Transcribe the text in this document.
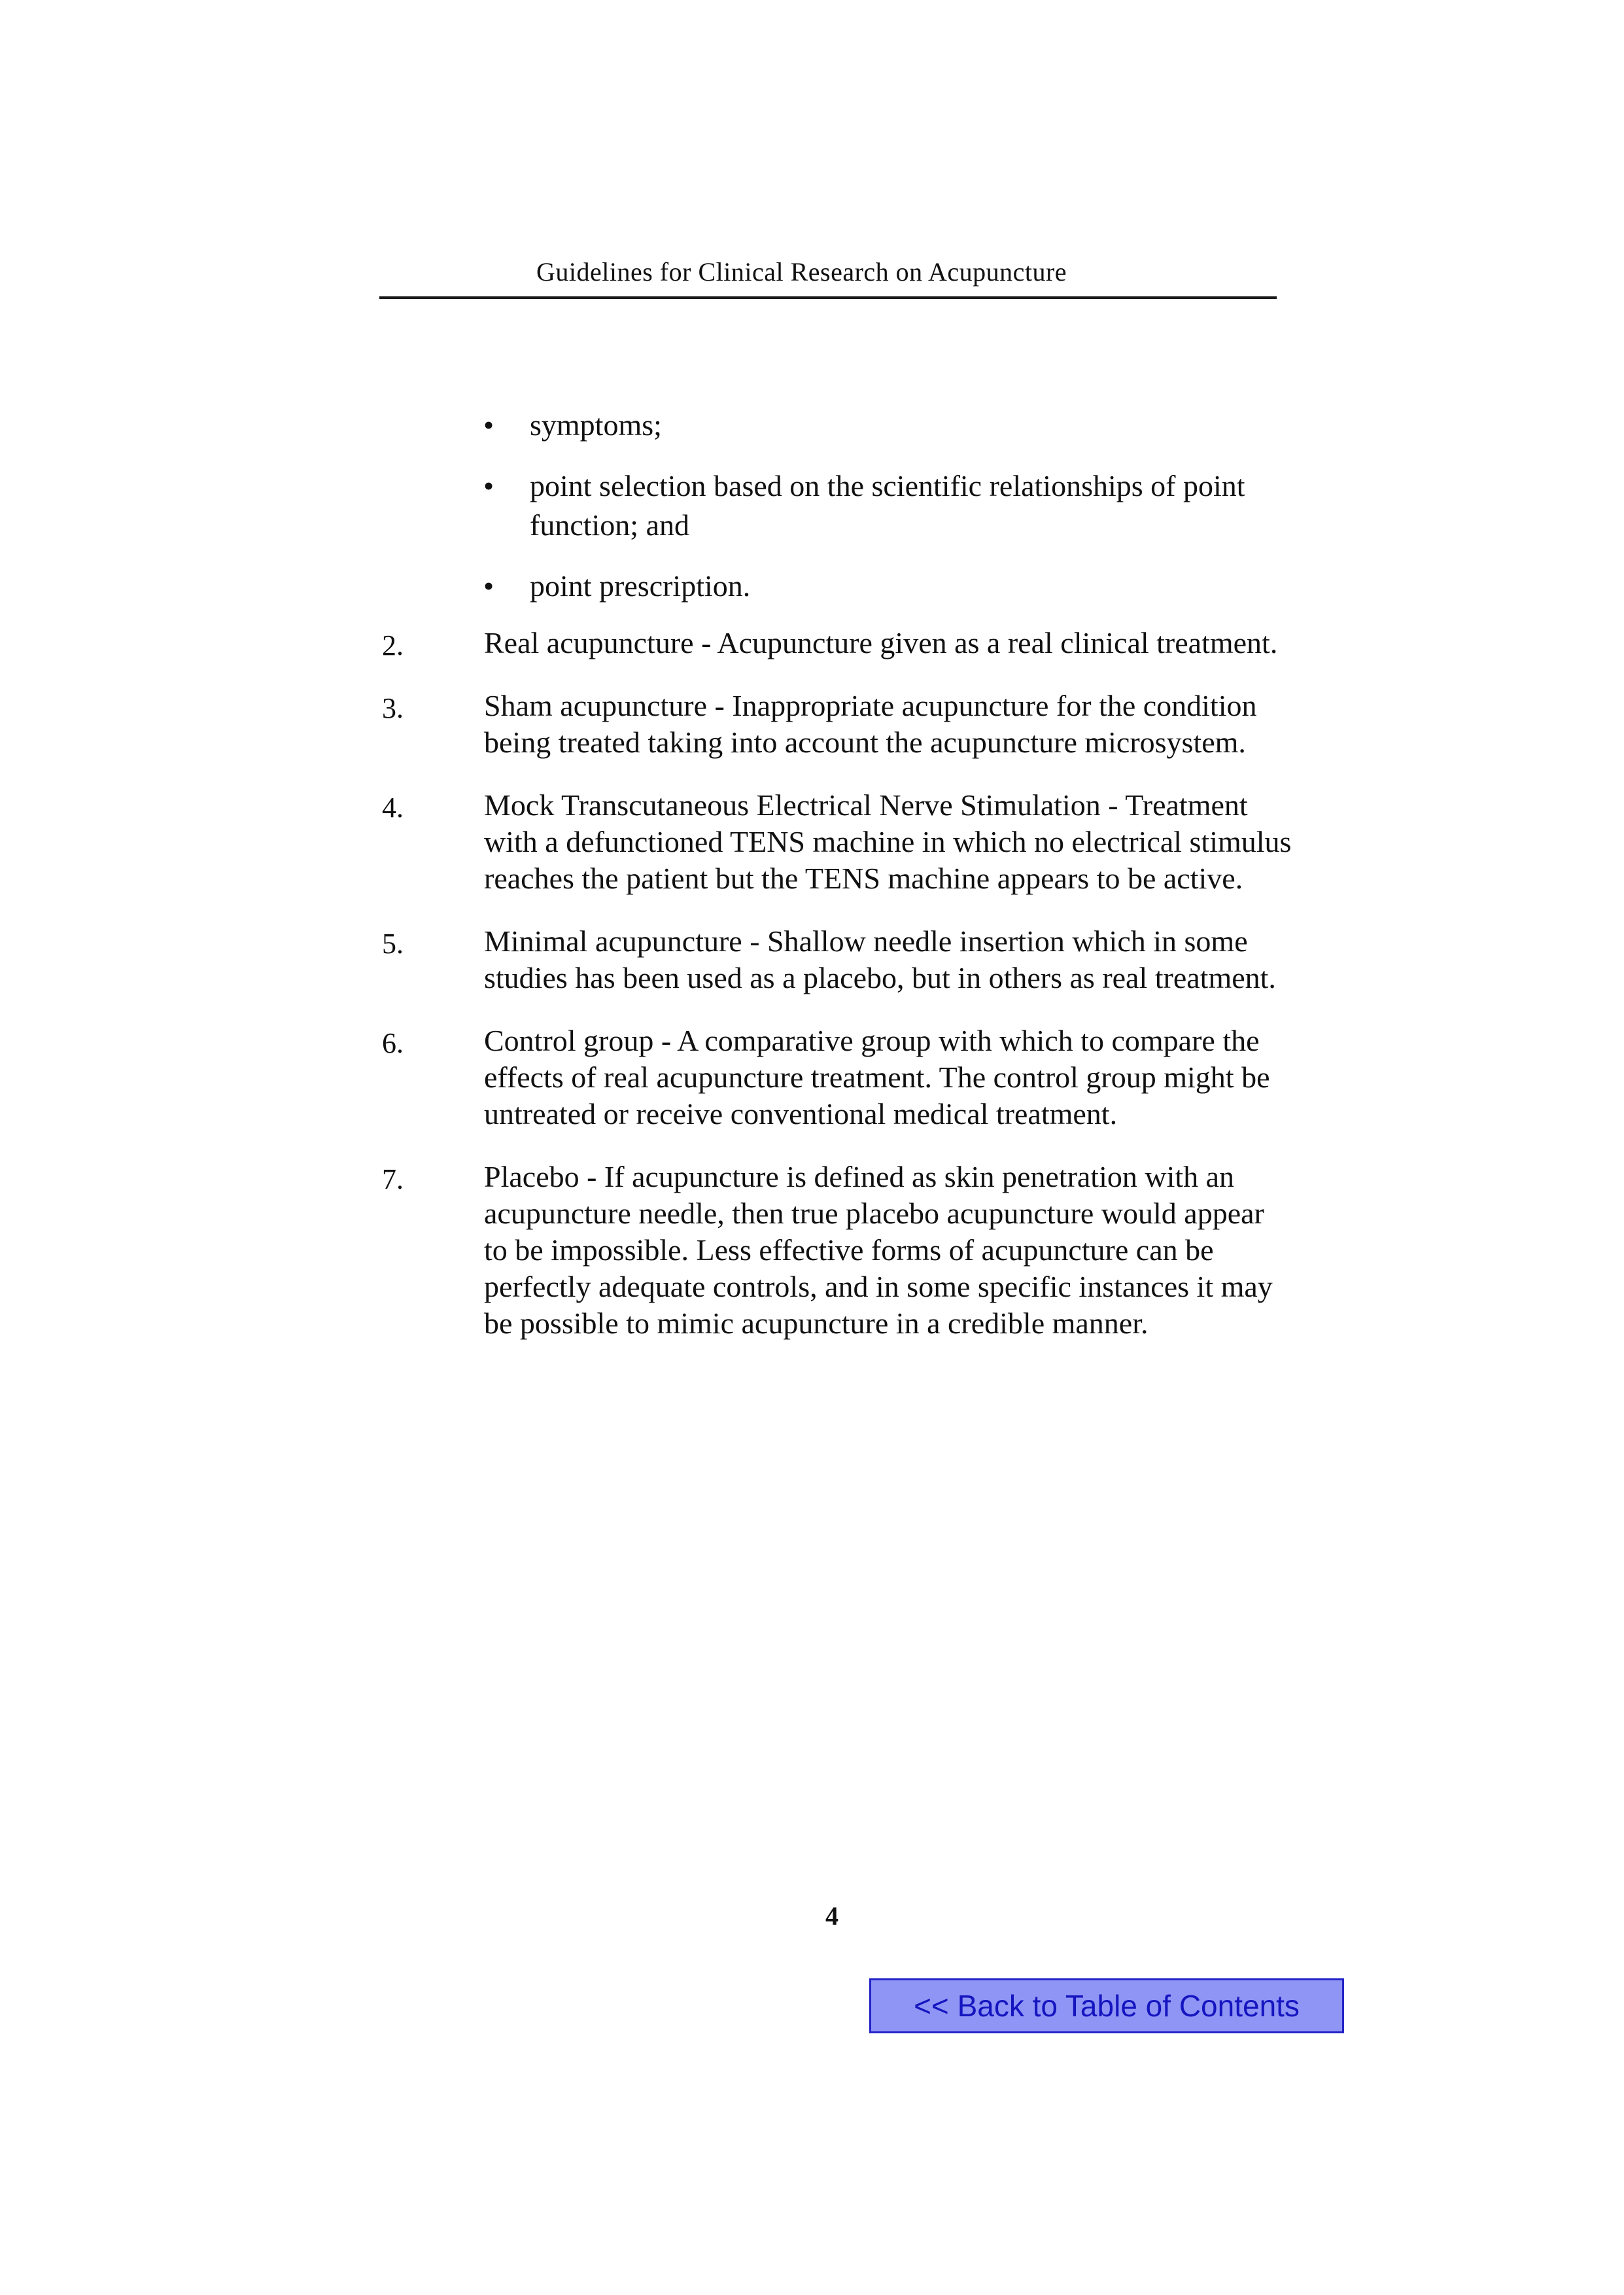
Guidelines for Clinical Research on Acupuncture
• symptoms;
• point selection based on the scientific relationships of point function; and
• point prescription.
2.	Real acupuncture - Acupuncture given as a real clinical treatment.
3.	Sham acupuncture - Inappropriate acupuncture for the condition being treated taking into account the acupuncture microsystem.
4.	Mock Transcutaneous Electrical Nerve Stimulation - Treatment with a defunctioned TENS machine in which no electrical stimulus reaches the patient but the TENS machine appears to be active.
5.	Minimal acupuncture - Shallow needle insertion which in some studies has been used as a placebo, but in others as real treatment.
6.	Control group - A comparative group with which to compare the effects of real acupuncture treatment. The control group might be untreated or receive conventional medical treatment.
7.	Placebo - If acupuncture is defined as skin penetration with an acupuncture needle, then true placebo acupuncture would appear to be impossible. Less effective forms of acupuncture can be perfectly adequate controls, and in some specific instances it may be possible to mimic acupuncture in a credible manner.
4
<< Back to Table of Contents
